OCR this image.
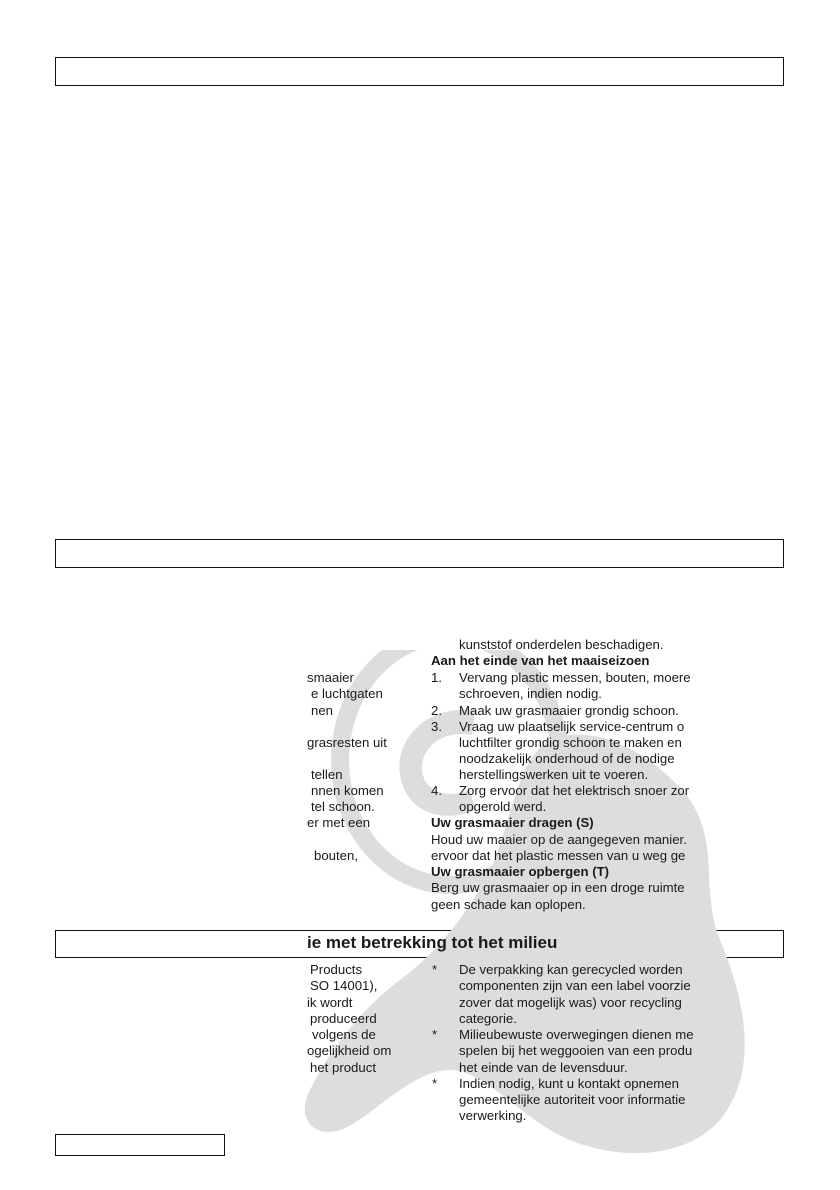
smaaier
e luchtgaten
nen
grasresten uit
tellen
nnen komen
tel schoon.
er met een
bouten,
kunststof onderdelen beschadigen.
Aan het einde van het maaiseizoen
1. Vervang plastic messen, bouten, moere
schroeven, indien nodig.
2. Maak uw grasmaaier grondig schoon.
3. Vraag uw plaatselijk service-centrum o
luchtfilter grondig schoon te maken en
noodzakelijk onderhoud of de nodige
herstellingswerken uit te voeren.
4. Zorg ervoor dat het elektrisch snoer zor
opgerold werd.
Uw grasmaaier dragen (S)
Houd uw maaier op de aangegeven manier.
ervoor dat het plastic messen van u weg ge
Uw grasmaaier opbergen (T)
Berg uw grasmaaier op in een droge ruimte
geen schade kan oplopen.
ie met betrekking tot het milieu
Products
SO 14001),
ik wordt
produceerd
volgens de
ogelijkheid om
het product
* De verpakking kan gerecycled worden
componenten zijn van een label voorzie
zover dat mogelijk was) voor recycling
categorie.
* Milieubewuste overwegingen dienen me
spelen bij het weggooien van een produ
het einde van de levensduur.
* Indien nodig, kunt u kontakt opnemen
gemeentelijke autoriteit voor informatie
verwerking.
